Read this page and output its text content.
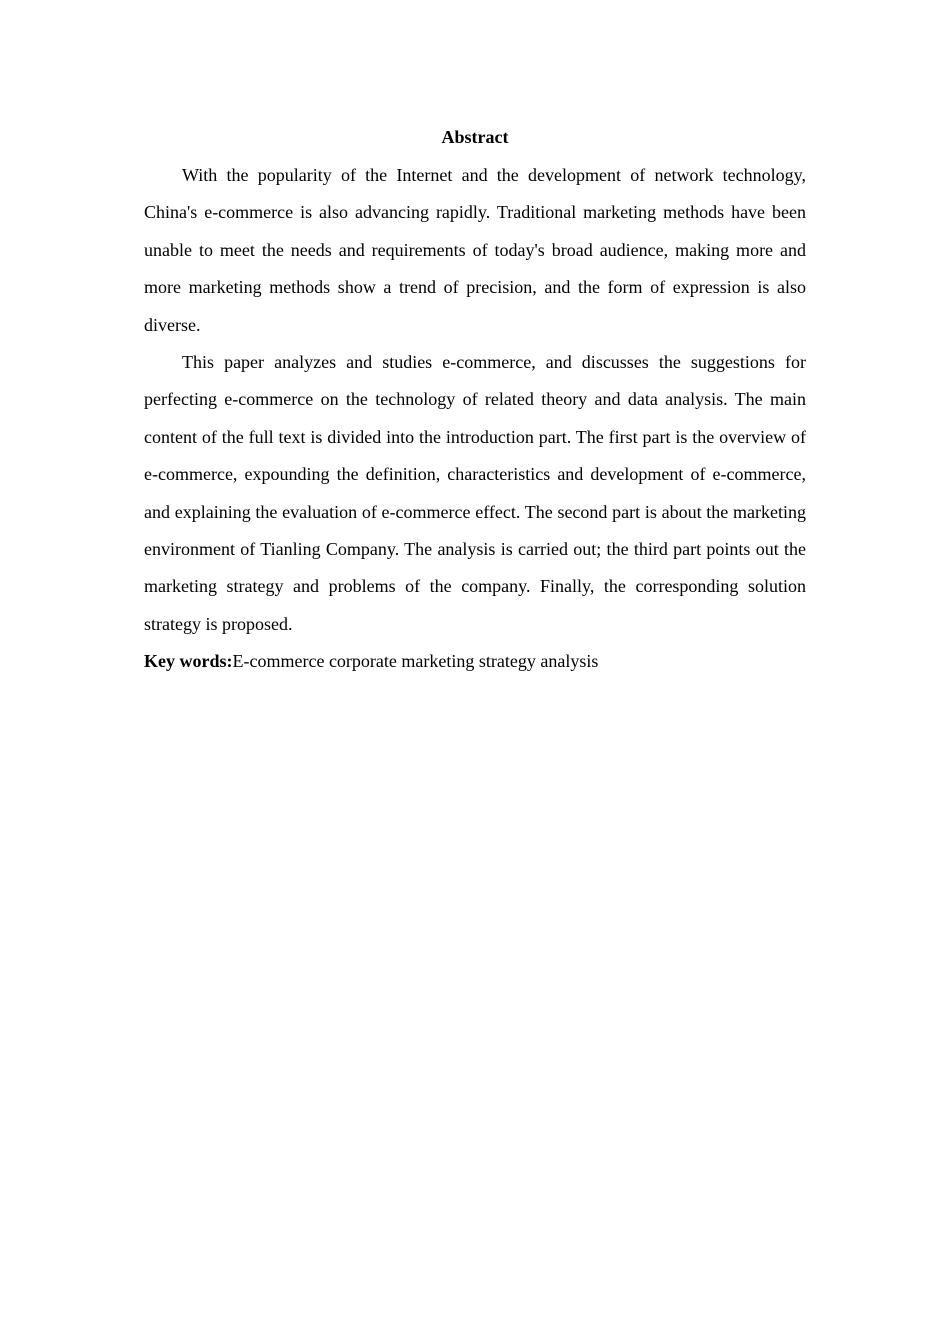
Abstract

With the popularity of the Internet and the development of network technology, China's e-commerce is also advancing rapidly. Traditional marketing methods have been unable to meet the needs and requirements of today's broad audience, making more and more marketing methods show a trend of precision, and the form of expression is also diverse.

This paper analyzes and studies e-commerce, and discusses the suggestions for perfecting e-commerce on the technology of related theory and data analysis. The main content of the full text is divided into the introduction part. The first part is the overview of e-commerce, expounding the definition, characteristics and development of e-commerce, and explaining the evaluation of e-commerce effect. The second part is about the marketing environment of Tianling Company. The analysis is carried out; the third part points out the marketing strategy and problems of the company. Finally, the corresponding solution strategy is proposed.

Key words:E-commerce corporate marketing strategy analysis
